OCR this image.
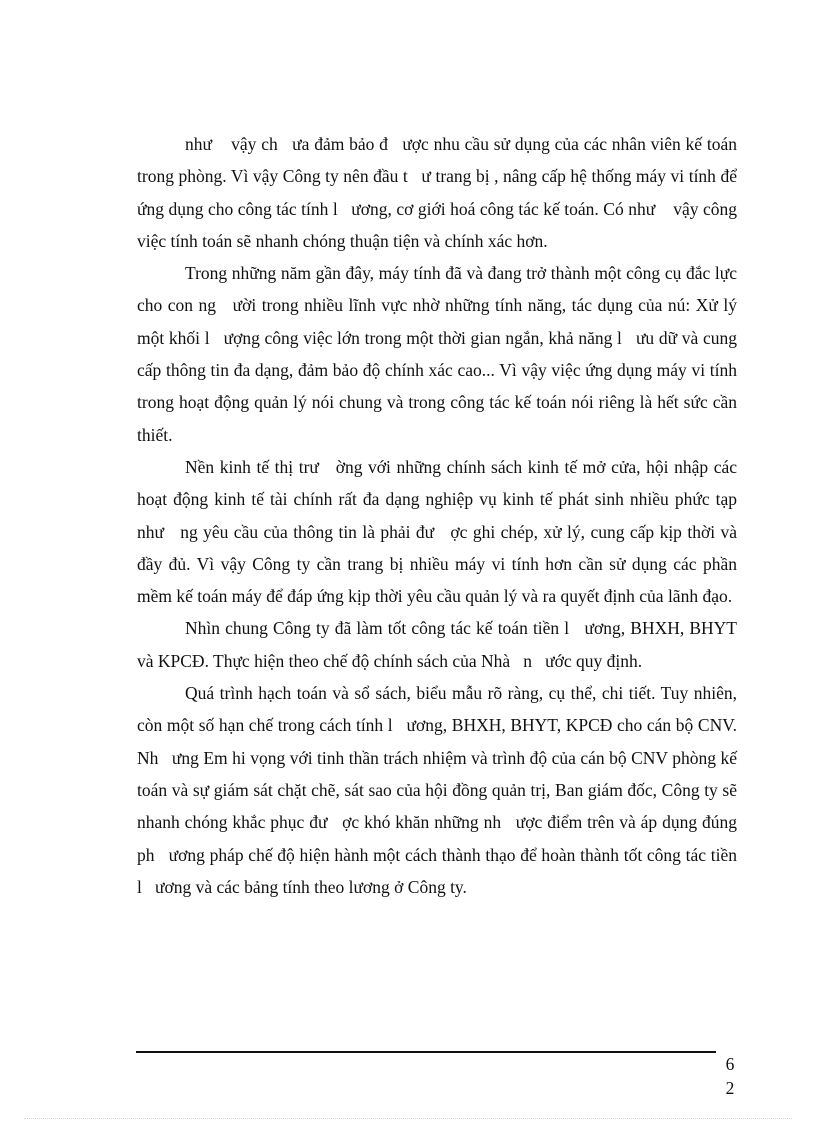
như    vậy ch   ưa đảm bảo đ   ược nhu cầu sử dụng của các nhân viên kế toán trong phòng. Vì vậy Công ty nên đầu t   ư trang bị , nâng cấp hệ thống máy vi tính để ứng dụng cho công tác tính l   ương, cơ giới hoá công tác kế toán. Có như    vậy công việc tính toán sẽ nhanh chóng thuận tiện và chính xác hơn.

Trong những năm gần đây, máy tính đã và đang trở thành một công cụ đắc lực cho con ng   ười trong nhiều lĩnh vực nhờ những tính năng, tác dụng của nú: Xử lý một khối l   ượng công việc lớn trong một thời gian ngắn, khả năng l   ưu dữ và cung cấp thông tin đa dạng, đảm bảo độ chính xác cao... Vì vậy việc ứng dụng máy vi tính trong hoạt động quản lý nói chung và trong công tác kế toán nói riêng là hết sức cần thiết.

Nền kinh tế thị trư   ờng với những chính sách kinh tế mở cửa, hội nhập các hoạt động kinh tế tài chính rất đa dạng nghiệp vụ kinh tế phát sinh nhiều phức tạp như   ng yêu cầu của thông tin là phải đư   ợc ghi chép, xử lý, cung cấp kịp thời và đầy đủ. Vì vậy Công ty cần trang bị nhiều máy vi tính hơn cần sử dụng các phần mềm kế toán máy để đáp ứng kịp thời yêu cầu quản lý và ra quyết định của lãnh đạo.

Nhìn chung Công ty đã làm tốt công tác kế toán tiền l   ương, BHXH, BHYT và KPCĐ. Thực hiện theo chế độ chính sách của Nhà   n   ước quy định.

Quá trình hạch toán và sổ sách, biểu mẫu rõ ràng, cụ thể, chi tiết. Tuy nhiên, còn một số hạn chế trong cách tính l   ương, BHXH, BHYT, KPCĐ cho cán bộ CNV. Nh   ưng Em hi vọng với tinh thần trách nhiệm và trình độ của cán bộ CNV phòng kế toán và sự giám sát chặt chẽ, sát sao của hội đồng quản trị, Ban giám đốc, Công ty sẽ nhanh chóng khắc phục đư   ợc khó khăn những nh   ược điểm trên và áp dụng đúng ph   ương pháp chế độ hiện hành một cách thành thạo để hoàn thành tốt công tác tiền l   ương và các bảng tính theo lương ở Công ty.

6
2
